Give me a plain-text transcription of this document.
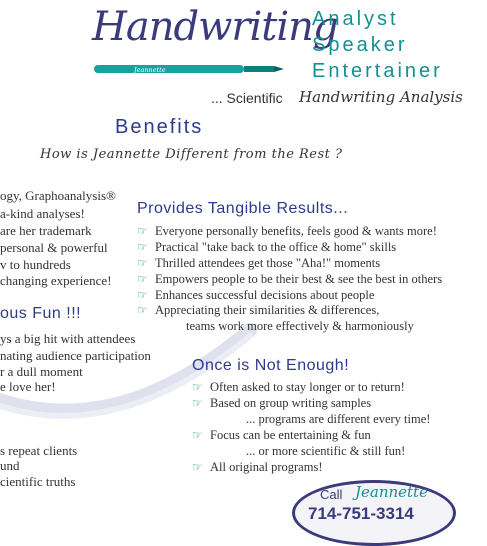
Handwriting
Jeannette
Analyst
Speaker
Entertainer
... Scientific Handwriting Analysis
Benefits
How is Jeannette Different from the Rest ?
ogy, Graphoanalysis®
a-kind analyses!
are her trademark
personal & powerful
v to hundreds
changing experience!
ous Fun !!!
ys a big hit with attendees
nating audience participation
r a dull moment
e love her!
s repeat clients
und
cientific truths
Provides Tangible Results...
☞ Everyone personally benefits, feels good & wants more!
☞ Practical "take back to the office & home" skills
☞ Thrilled attendees get those "Aha!" moments
☞ Empowers people to be their best & see the best in others
☞ Enhances successful decisions about people
☞ Appreciating their similarities & differences,
teams work more effectively & harmoniously
Once is Not Enough!
☞ Often asked to stay longer or to return!
☞ Based on group writing samples
... programs are different every time!
☞ Focus can be entertaining & fun
... or more scientific & still fun!
☞ All original programs!
Call Jeannette
714-751-3314
